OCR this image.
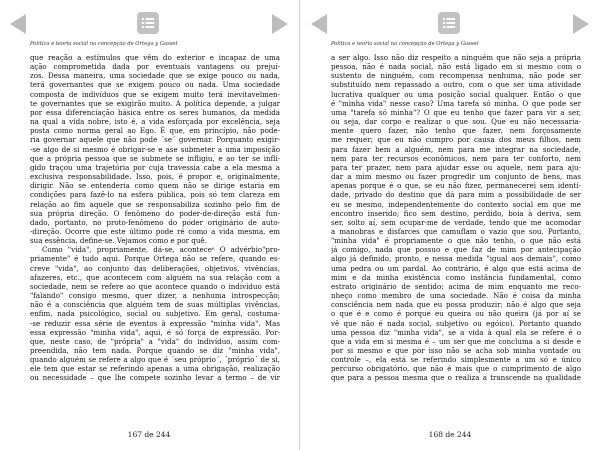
Política e teoria social na concepção de Ortega y Gasset
que reação a estímulos que vêm do exterior e incapaz de uma
ação comprometida dada por eventuais vantagens ou prejuí-
zos. Dessa maneira, uma sociedade que se exige pouco ou nada,
terá governantes que se exigem pouco ou nada. Uma sociedade
composta de indivíduos que se exigem muito terá inevitavelmen-
te governantes que se exigirão muito. A política depende, a julgar
por essa diferenciação básica entre os seres humanos, da medida
na qual a vida nobre, isto é, a vida esforçada por excelência, seja
posta como norma geral ao Ego. É que, em princípio, não pode-
ria governar aquele que não pode ´se´ governar. Porquanto exigir-
-se algo de si mesmo é obrigar-se e ase submeter a uma imposição
que a própria pessoa que se submete se infligiu, e ao ter se infli-
gido traçou uma trajetória por cuja travessia cabe a ela mesma a
exclusiva responsabilidade. Isso, pois, é propor e, originalmente,
dirigir. Não se entenderia como quem não se dirige estaria em
condições para fazê-lo na esfera pública, pois só tem clareza em
relação ao fim aquele que se responsabiliza sozinho pelo fim de
sua própria direção. O fenômeno do poder-de-direção está fun-
dado, portanto, no proto-fenômeno do poder originário de auto-
-direção. Ocorre que este último pode ré como a vida mesma, em
sua essência, define-se. Vejamos como e por quê.
Como "vida", propriamente, dá-se, aconteceᵉ O advérbio"pro-
priamente" é tudo aqui. Porque Ortega não se refere, quando es-
creve "vida", ao conjunto das deliberações, objetivos, vivências,
afazeres, etc., que acontecem com alguém na sua relação com a
sociedade, nem se refere ao que acontece quando o indivíduo está
"falando" consigo mesmo, quer dizer, a nenhuma introspecção;
não é a consciência que alguém tem de suas múltiplas vivências,
enfim, nada psicológico, social ou subjetivo. Em geral, costuma-
-se reduzir essa série de eventos à expressão "minha vida". Mas
essa expressão "minha vida", aqui, é só força de expressão. Por-
que, neste caso, de "própria" a "vida" do indivíduo, assim com-
preendida, não tem nada. Porque quando se diz "minha vida",
quando alguém se refere a algo que é ´seu próprio´, ´próprio´ de si,
ele tem que estar se referindo apenas a uma obrigação, realização
ou necessidade – que lhe compete sozinho levar a termo – de vir
167 de 244
Política e teoria social na concepção de Ortega y Gasset
a ser algo. Isso não diz respeito a ninguém que não seja a própria
pessoa, não é nada social, não está ligado em si mesmo com o
sustento de ninguém, com recompensa nenhuma, não pode ser
substituído nem repassado a outro, com o que ser uma atividade
lucrativa qualquer ou uma posição social qualquer. Então o que
é "minha vida" nesse caso? Uma tarefa só minha. O que pode ser
uma "tarefa só minha"? O que eu tenho que fazer para vir a ser,
ou seja, dar corpo e realizar o que sou. Que eu não necessaria-
mente quero fazer, não tenho que fazer, nem forçosamente
me requer; que eu não cumpro por causa dos meus filhos, nem
para fazer bem a alguém, nem para me integrar na sociedade,
nem para ter recursos econômicos, nem para ter conforto, nem
para ter prazer, nem para ajudar esse ou aquele, nem para aju-
dar a mim mesmo ou fazer progredir um conjunto de bens, mas
apenas porque é o que, se eu não fizer, permanecerei sem identi-
dade, privado do destino que dá para mim a possibilidade de ser
eu se mesmo, independentemente do contexto social em que me
encontro inserido; fico sem destino, perdido, boia à deriva, sem
ser, solto aí, sem ocupar-me de verdade, tendo que me acomodar
a manobras e disfarces que camuflam o vazio que sou. Portanto,
"minha vida" é propriamente o que não tenho, o que não está
já comigo, nada que possuo e que faz de mim por antecipação
algo já definido, pronto, e nessa medida "igual aos demais", como
uma pedra ou um pardal. Ao contrário, é algo que está acima de
mim e da minha existência como instância fundamental, como
estrato originário de sentido; acima de mim enquanto me reco-
nheço como membro de uma sociedade. Não é coisa da minha
consciência nem nada que eu possa produzir; não é algo que seja
o que é e como é porque eu queira ou não queira (já por aí se
vê que não é nada social, subjetivo ou egóico). Portanto quando
uma pessoa diz "minha vida", se a vida à qual ela se refere é o
que a vida em si mesma é – um ser que me concluma a si desde e
por si mesmo e que por isso não se acha sob minha vontade ou
controle –, ela está se referindo simplesmente a um só e único
percurso obrigatório, que não é mais que o cumprimento de algo
que para a pessoa mesma que o realiza a transcende na qualidade
168 de 244
